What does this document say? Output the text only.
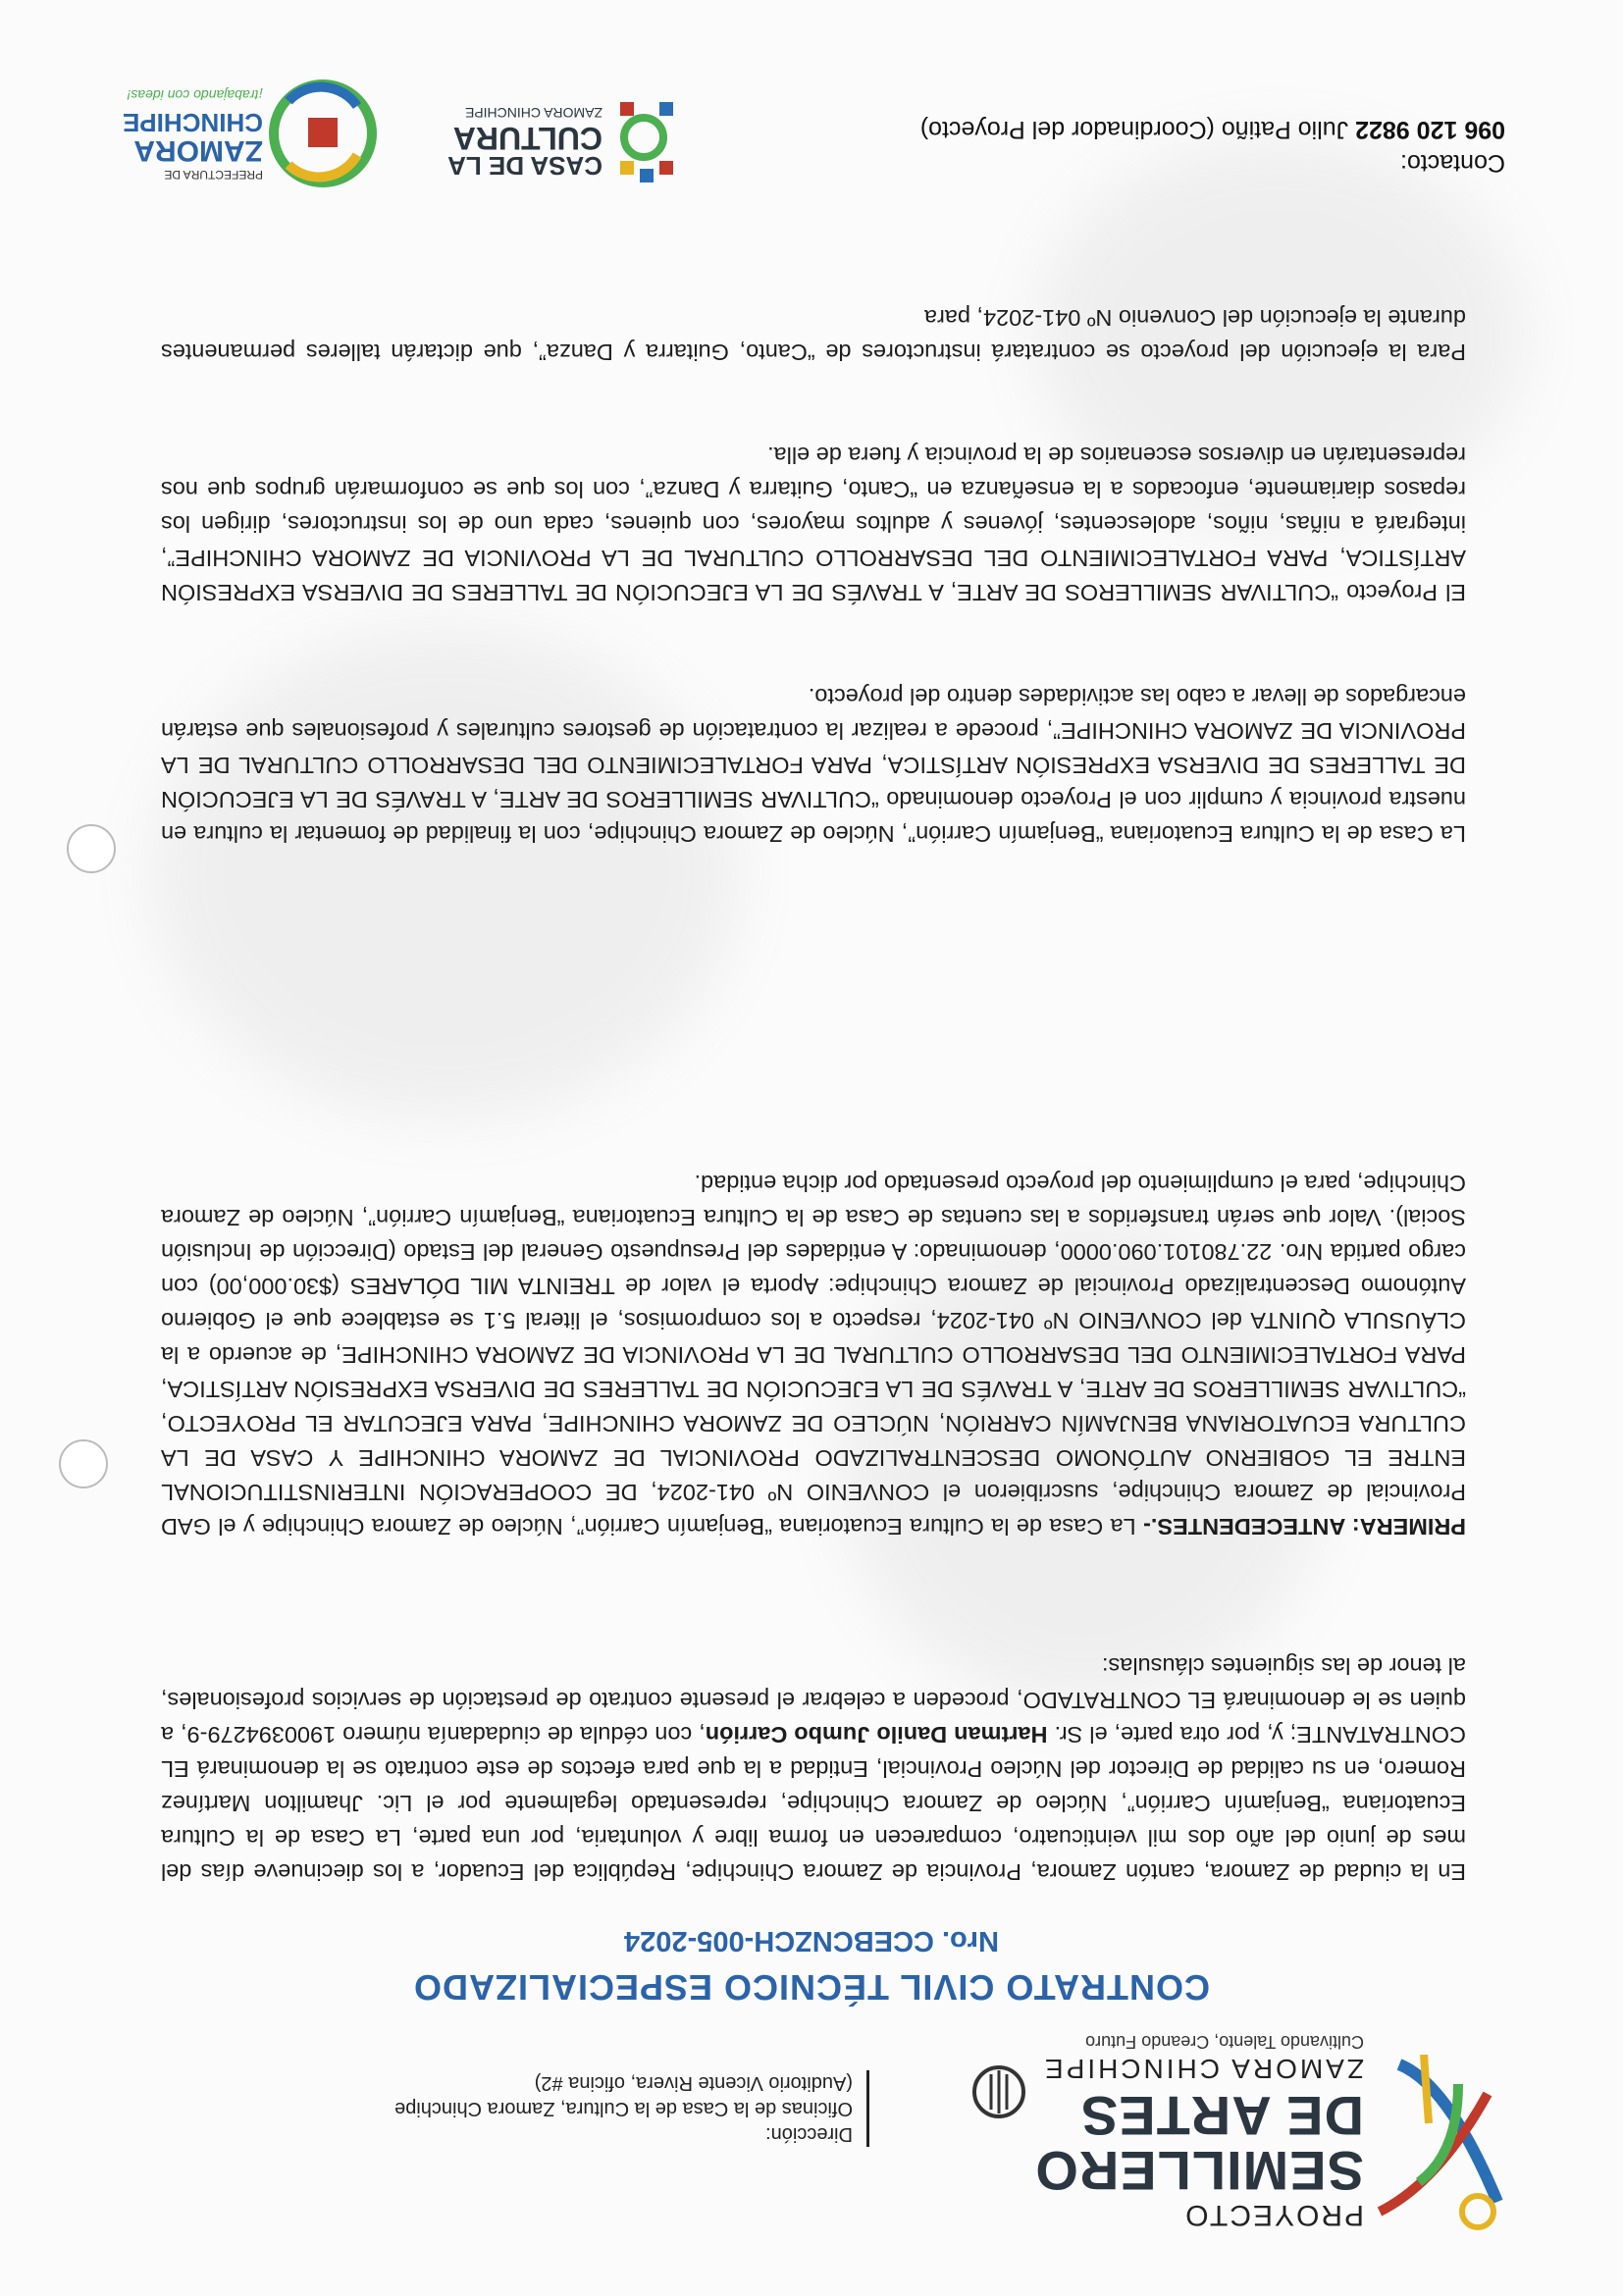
PROYECTO
SEMILLERO
DE ARTES
ZAMORA CHINCHIPE
Cultivando Talento, Creando Futuro
Dirección:
Oficinas de la Casa de la Cultura, Zamora Chinchipe
(Auditorio Vicente Rivera, oficina #2)
CONTRATO CIVIL TÉCNICO ESPECIALIZADO
Nro. CCEBCNZCH-005-2024
En la ciudad de Zamora, cantón Zamora, Provincia de Zamora Chinchipe, República del Ecuador, a los diecinueve días del mes de junio del año dos mil veinticuatro, comparecen en forma libre y voluntaria, por una parte, La Casa de la Cultura Ecuatoriana “Benjamín Carrión”, Núcleo de Zamora Chinchipe, representado legalmente por el Lic. Jhamilton Martínez Romero, en su calidad de Director del Núcleo Provincial, Entidad a la que para efectos de este contrato se la denominará EL CONTRATANTE; y, por otra parte, el Sr. Hartman Danilo Jumbo Carrión, con cédula de ciudadanía número 1900394279-9, a quien se le denominará EL CONTRATADO, proceden a celebrar el presente contrato de prestación de servicios profesionales, al tenor de las siguientes cláusulas:
PRIMERA: ANTECEDENTES.- La Casa de la Cultura Ecuatoriana “Benjamín Carrión”, Núcleo de Zamora Chinchipe y el GAD Provincial de Zamora Chinchipe, suscribieron el CONVENIO Nº 041-2024, DE COOPERACIÓN INTERINSTITUCIONAL ENTRE EL GOBIERNO AUTÓNOMO DESCENTRALIZADO PROVINCIAL DE ZAMORA CHINCHIPE Y CASA DE LA CULTURA ECUATORIANA BENJAMÍN CARRIÓN, NÚCLEO DE ZAMORA CHINCHIPE, PARA EJECUTAR EL PROYECTO, “CULTIVAR SEMILLEROS DE ARTE, A TRAVÉS DE LA EJECUCIÓN DE TALLERES DE DIVERSA EXPRESIÓN ARTÍSTICA, PARA FORTALECIMIENTO DEL DESARROLLO CULTURAL DE LA PROVINCIA DE ZAMORA CHINCHIPE, de acuerdo a la CLÁUSULA QUINTA del CONVENIO Nº 041-2024, respecto a los compromisos, el literal 5.1 se establece que el Gobierno Autónomo Descentralizado Provincial de Zamora Chinchipe: Aporta el valor de TREINTA MIL DÓLARES ($30.000,00) con cargo partida Nro. 22.780101.090.0000, denominado: A entidades del Presupuesto General del Estado (Dirección de Inclusión Social). Valor que serán transferidos a las cuentas de Casa de la Cultura Ecuatoriana “Benjamín Carrión”, Núcleo de Zamora Chinchipe, para el cumplimiento del proyecto presentado por dicha entidad.
La Casa de la Cultura Ecuatoriana “Benjamín Carrión”, Núcleo de Zamora Chinchipe, con la finalidad de fomentar la cultura en nuestra provincia y cumplir con el Proyecto denominado “CULTIVAR SEMILLEROS DE ARTE, A TRAVÉS DE LA EJECUCIÓN DE TALLERES DE DIVERSA EXPRESIÓN ARTÍSTICA, PARA FORTALECIMIENTO DEL DESARROLLO CULTURAL DE LA PROVINCIA DE ZAMORA CHINCHIPE”, procede a realizar la contratación de gestores culturales y profesionales que estarán encargados de llevar a cabo las actividades dentro del proyecto.
El Proyecto “CULTIVAR SEMILLEROS DE ARTE, A TRAVÉS DE LA EJECUCIÓN DE TALLERES DE DIVERSA EXPRESIÓN ARTÍSTICA, PARA FORTALECIMIENTO DEL DESARROLLO CULTURAL DE LA PROVINCIA DE ZAMORA CHINCHIPE”, integrará a niñas, niños, adolescentes, jóvenes y adultos mayores, con quienes, cada uno de los instructores, dirigen los repasos diariamente, enfocados a la enseñanza en “Canto, Guitarra y Danza”, con los que se conformarán grupos que nos representarán en diversos escenarios de la provincia y fuera de ella.
Para la ejecución del proyecto se contratará instructores de “Canto, Guitarra y Danza”, que dictarán talleres permanentes durante la ejecución del Convenio Nº 041-2024, para
Contacto:
096 120 9822 Julio Patiño (Coordinador del Proyecto)
CASA DE LA
CULTURA
ZAMORA CHINCHIPE
PREFECTURA DE
ZAMORA
CHINCHIPE
¡trabajando con ideas!
